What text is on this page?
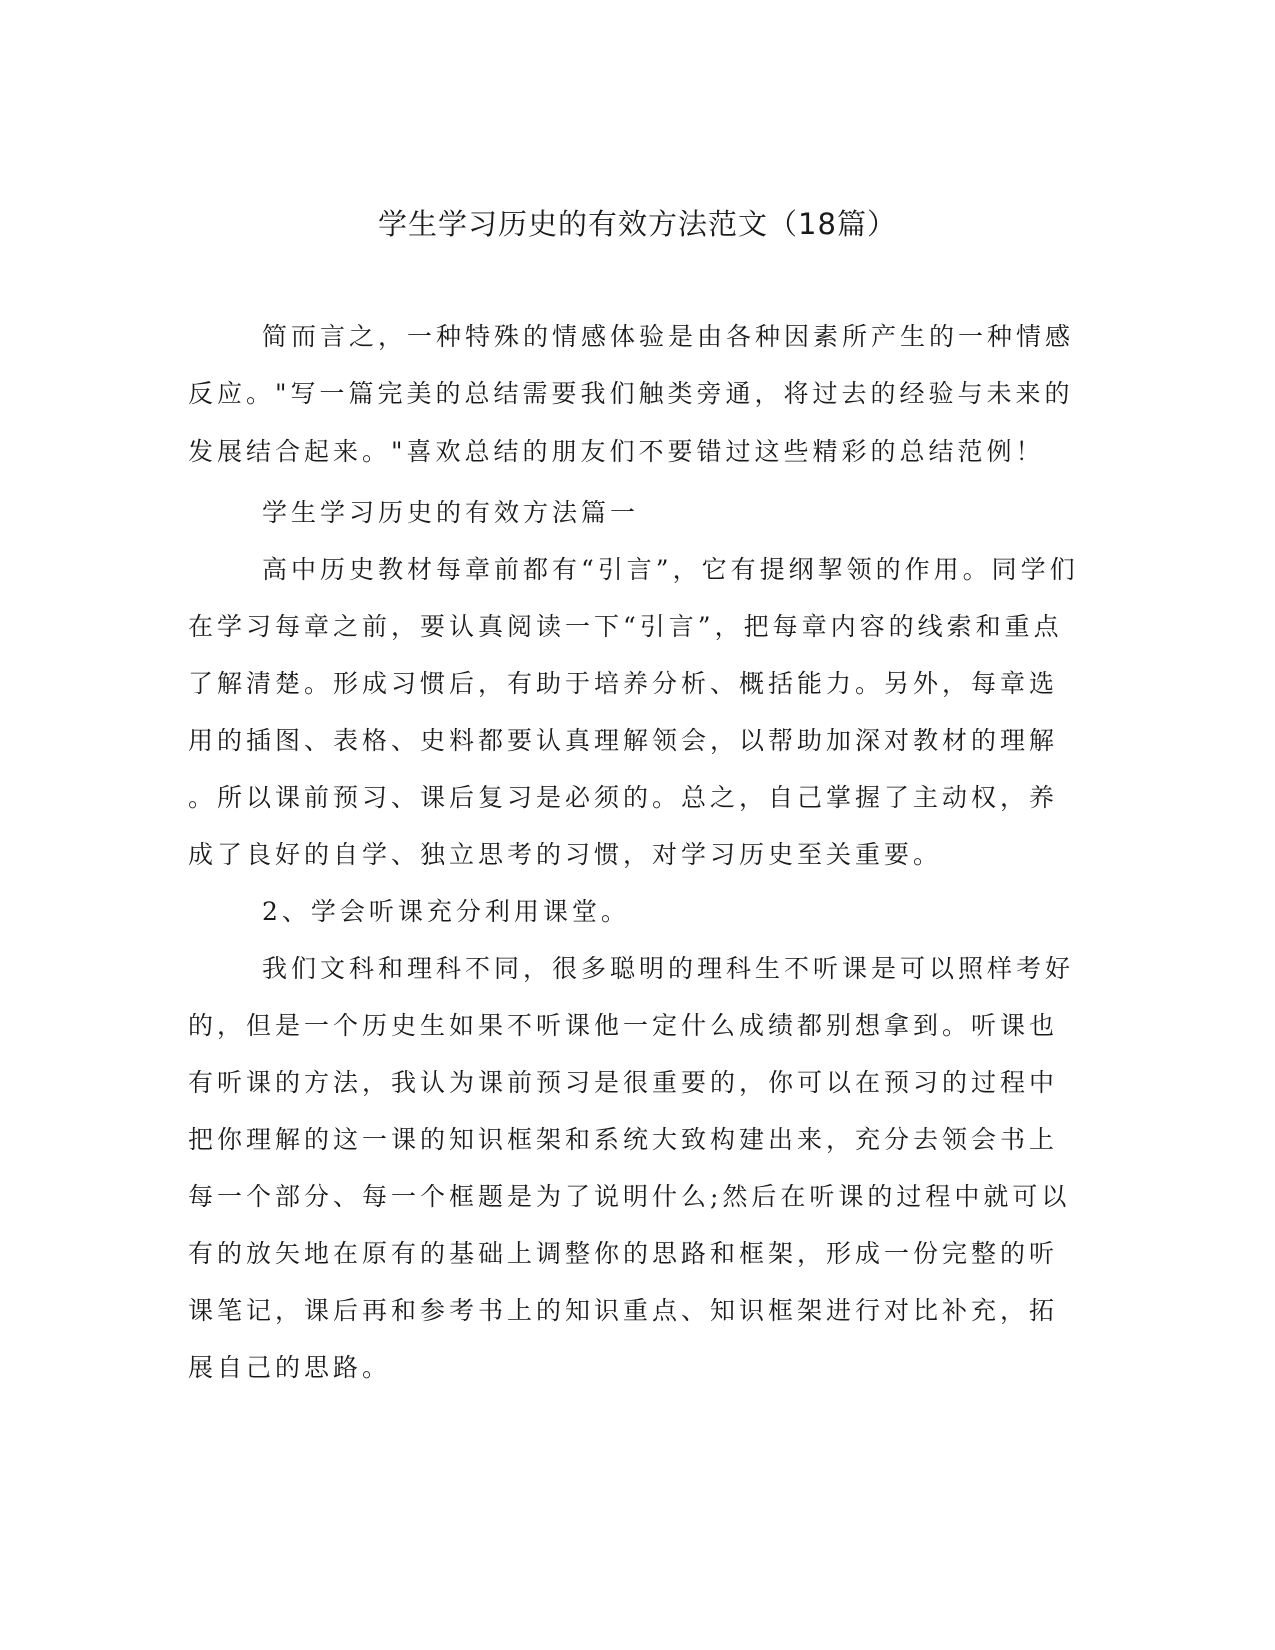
学生学习历史的有效方法范文（18篇）
简而言之，一种特殊的情感体验是由各种因素所产生的一种情感
反应。"写一篇完美的总结需要我们触类旁通，将过去的经验与未来的
发展结合起来。"喜欢总结的朋友们不要错过这些精彩的总结范例！
学生学习历史的有效方法篇一
高中历史教材每章前都有“引言”，它有提纲挈领的作用。同学们
在学习每章之前，要认真阅读一下“引言”，把每章内容的线索和重点
了解清楚。形成习惯后，有助于培养分析、概括能力。另外，每章选
用的插图、表格、史料都要认真理解领会，以帮助加深对教材的理解
。所以课前预习、课后复习是必须的。总之，自己掌握了主动权，养
成了良好的自学、独立思考的习惯，对学习历史至关重要。
2、学会听课充分利用课堂。
我们文科和理科不同，很多聪明的理科生不听课是可以照样考好
的，但是一个历史生如果不听课他一定什么成绩都别想拿到。听课也
有听课的方法，我认为课前预习是很重要的，你可以在预习的过程中
把你理解的这一课的知识框架和系统大致构建出来，充分去领会书上
每一个部分、每一个框题是为了说明什么;然后在听课的过程中就可以
有的放矢地在原有的基础上调整你的思路和框架，形成一份完整的听
课笔记，课后再和参考书上的知识重点、知识框架进行对比补充，拓
展自己的思路。
